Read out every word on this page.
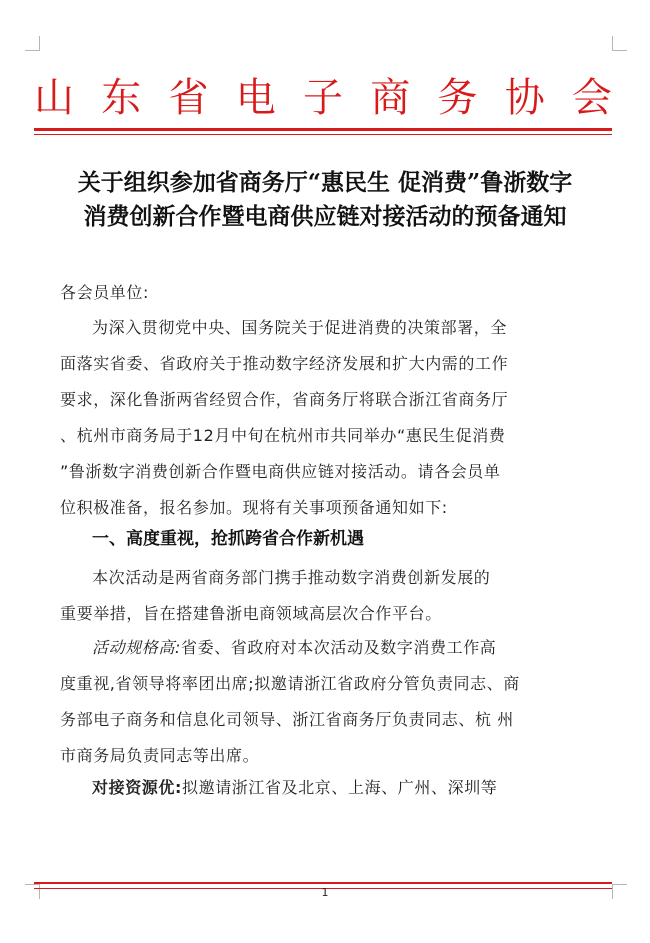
山 东 省 电 子 商 务 协 会
关于组织参加省商务厅“惠民生 促消费”鲁浙数字
消费创新合作暨电商供应链对接活动的预备通知
各会员单位:
为深入贯彻党中央、国务院关于促进消费的决策部署，全
面落实省委、省政府关于推动数字经济发展和扩大内需的工作
要求，深化鲁浙两省经贸合作，省商务厅将联合浙江省商务厅
、杭州市商务局于12月中旬在杭州市共同举办“惠民生促消费
”鲁浙数字消费创新合作暨电商供应链对接活动。请各会员单
位积极准备，报名参加。现将有关事项预备通知如下:
一、高度重视，抢抓跨省合作新机遇
本次活动是两省商务部门携手推动数字消费创新发展的
重要举措，旨在搭建鲁浙电商领域高层次合作平台。
活动规格高:省委、省政府对本次活动及数字消费工作高
度重视,省领导将率团出席;拟邀请浙江省政府分管负责同志、商
务部电子商务和信息化司领导、浙江省商务厅负责同志、杭 州
市商务局负责同志等出席。
对接资源优:拟邀请浙江省及北京、上海、广州、深圳等
1
